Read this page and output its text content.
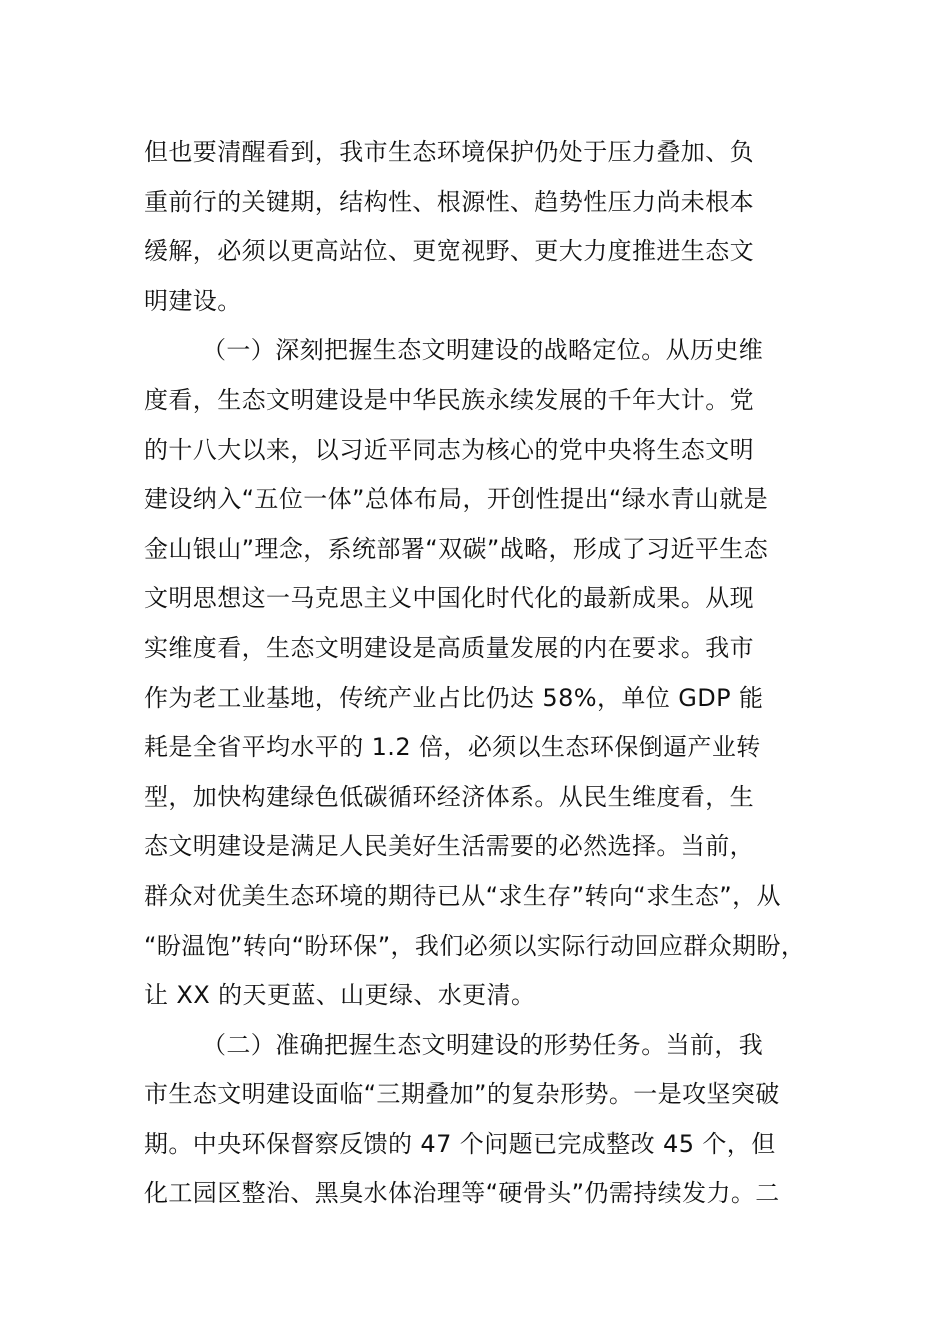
但也要清醒看到，我市生态环境保护仍处于压力叠加、负
重前行的关键期，结构性、根源性、趋势性压力尚未根本
缓解，必须以更高站位、更宽视野、更大力度推进生态文
明建设。
（一）深刻把握生态文明建设的战略定位。从历史维
度看，生态文明建设是中华民族永续发展的千年大计。党
的十八大以来，以习近平同志为核心的党中央将生态文明
建设纳入“五位一体”总体布局，开创性提出“绿水青山就是
金山银山”理念，系统部署“双碳”战略，形成了习近平生态
文明思想这一马克思主义中国化时代化的最新成果。从现
实维度看，生态文明建设是高质量发展的内在要求。我市
作为老工业基地，传统产业占比仍达 58%，单位 GDP 能
耗是全省平均水平的 1.2 倍，必须以生态环保倒逼产业转
型，加快构建绿色低碳循环经济体系。从民生维度看，生
态文明建设是满足人民美好生活需要的必然选择。当前，
群众对优美生态环境的期待已从“求生存”转向“求生态”，从
“盼温饱”转向“盼环保”，我们必须以实际行动回应群众期盼，
让 XX 的天更蓝、山更绿、水更清。
（二）准确把握生态文明建设的形势任务。当前，我
市生态文明建设面临“三期叠加”的复杂形势。一是攻坚突破
期。中央环保督察反馈的 47 个问题已完成整改 45 个，但
化工园区整治、黑臭水体治理等“硬骨头”仍需持续发力。二
